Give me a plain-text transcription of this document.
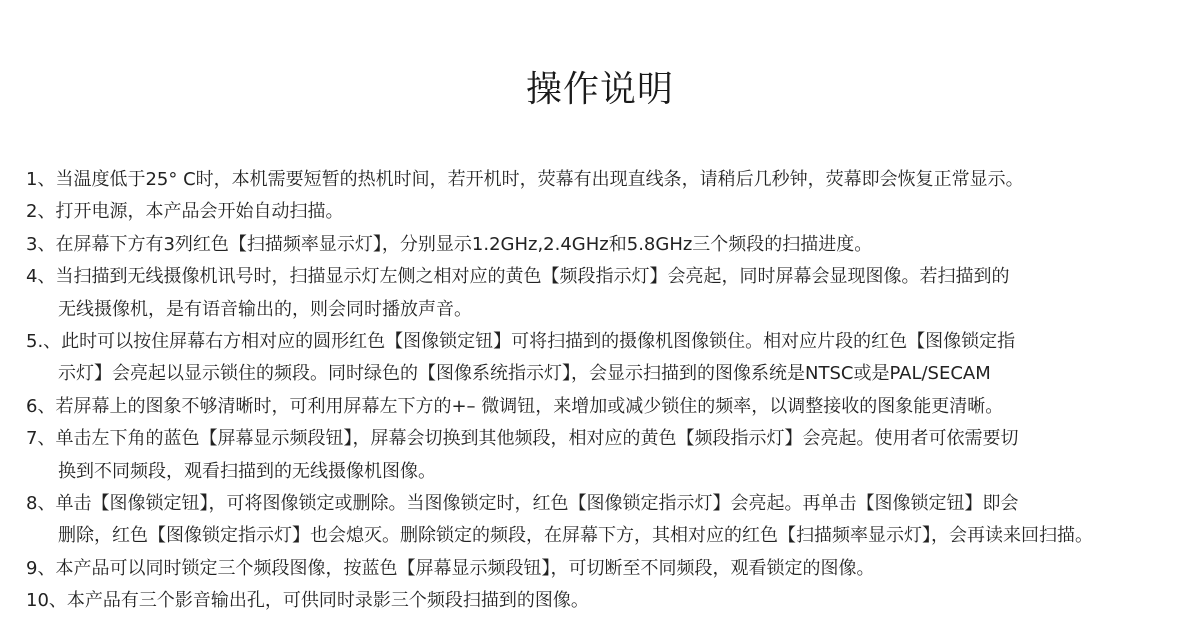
操作说明
1、当温度低于25° C时，本机需要短暂的热机时间，若开机时，荧幕有出现直线条，请稍后几秒钟，荧幕即会恢复正常显示。
2、打开电源，本产品会开始自动扫描。
3、在屏幕下方有3列红色【扫描频率显示灯】，分别显示1.2GHz,2.4GHz和5.8GHz三个频段的扫描进度。
4、当扫描到无线摄像机讯号时，扫描显示灯左侧之相对应的黄色【频段指示灯】会亮起，同时屏幕会显现图像。若扫描到的
无线摄像机，是有语音输出的，则会同时播放声音。
5.、此时可以按住屏幕右方相对应的圆形红色【图像锁定钮】可将扫描到的摄像机图像锁住。相对应片段的红色【图像锁定指
示灯】会亮起以显示锁住的频段。同时绿色的【图像系统指示灯】，会显示扫描到的图像系统是NTSC或是PAL/SECAM
6、若屏幕上的图象不够清晰时，可利用屏幕左下方的+– 微调钮，来增加或减少锁住的频率，以调整接收的图象能更清晰。
7、单击左下角的蓝色【屏幕显示频段钮】，屏幕会切换到其他频段，相对应的黄色【频段指示灯】会亮起。使用者可依需要切
换到不同频段，观看扫描到的无线摄像机图像。
8、单击【图像锁定钮】，可将图像锁定或删除。当图像锁定时，红色【图像锁定指示灯】会亮起。再单击【图像锁定钮】即会
删除，红色【图像锁定指示灯】也会熄灭。删除锁定的频段，在屏幕下方，其相对应的红色【扫描频率显示灯】，会再读来回扫描。
9、本产品可以同时锁定三个频段图像，按蓝色【屏幕显示频段钮】，可切断至不同频段，观看锁定的图像。
10、本产品有三个影音输出孔，可供同时录影三个频段扫描到的图像。
